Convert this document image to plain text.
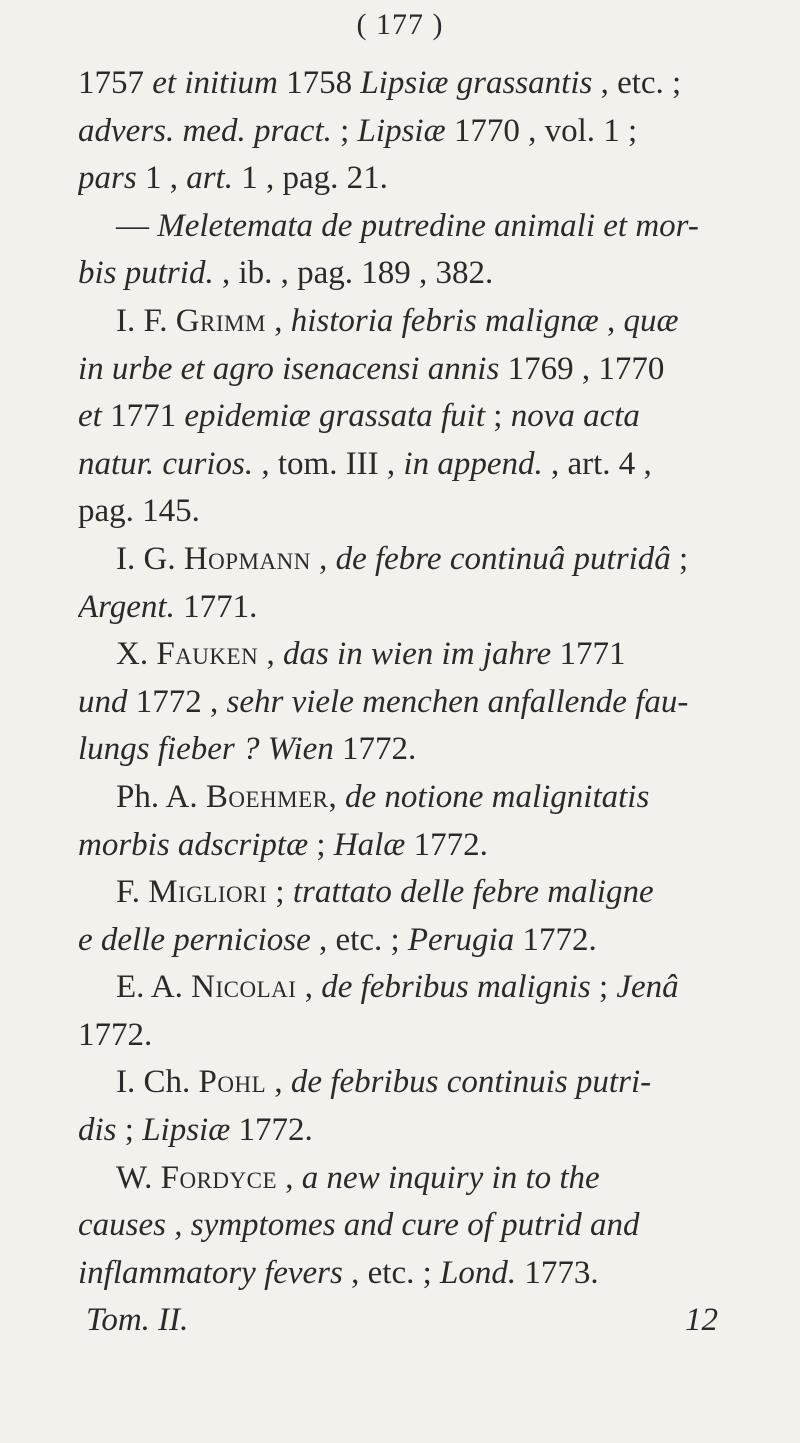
( 177 )
1757 et initium 1758 Lipsiæ grassantis , etc. ;
advers. med. pract. ; Lipsiæ 1770 , vol. 1 ;
pars 1 , art. 1 , pag. 21.
— Meletemata de putredine animali et mor-
bis putrid. , ib. , pag. 189 , 382.
I. F. Grimm , historia febris malignæ , quæ
in urbe et agro isenacensi annis 1769 , 1770
et 1771 epidemiæ grassata fuit ; nova acta
natur. curios. , tom. III , in append. , art. 4 ,
pag. 145.
I. G. Hopmann , de febre continuâ putridâ ;
Argent. 1771.
X. Fauken , das in wien im jahre 1771
und 1772 , sehr viele menchen anfallende fau-
lungs fieber ? Wien 1772.
Ph. A. Boehmer, de notione malignitatis
morbis adscriptæ ; Halæ 1772.
F. Migliori ; trattato delle febre maligne
e delle perniciose , etc. ; Perugia 1772.
E. A. Nicolai , de febribus malignis ; Jenâ
1772.
I. Ch. Pohl , de febribus continuis putri-
dis ; Lipsiæ 1772.
W. Fordyce , a new inquiry in to the
causes , symptomes and cure of putrid and
inflammatory fevers , etc. ; Lond. 1773.
Tom. II.	12
